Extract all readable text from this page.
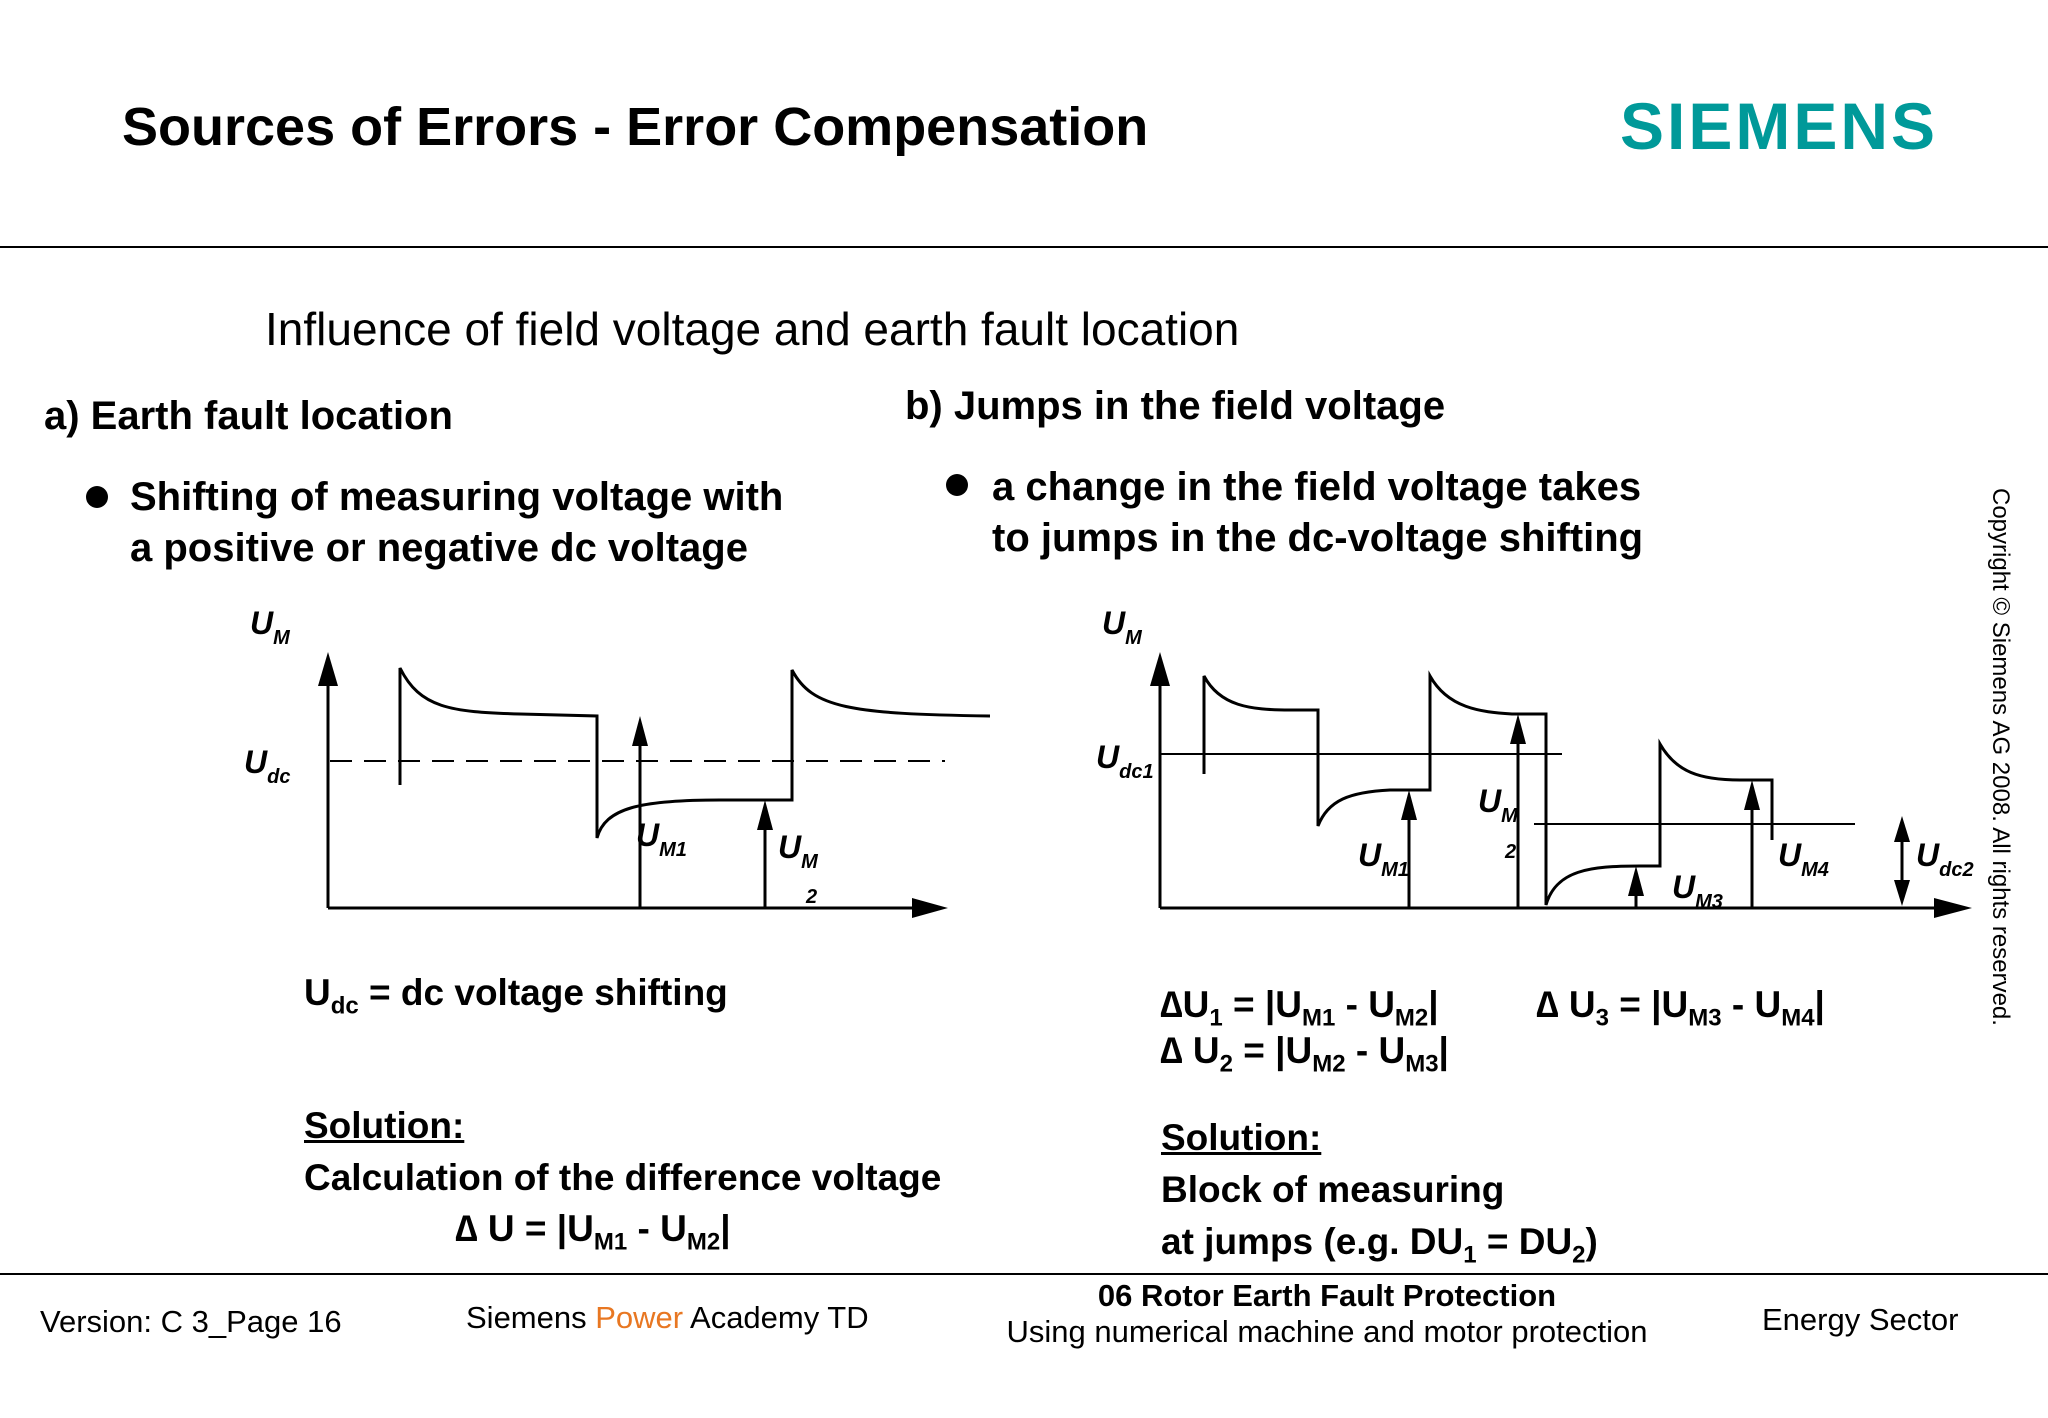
Sources of Errors - Error Compensation	SIEMENS
Influence of field voltage and earth fault location
a) Earth fault location
Shifting of measuring voltage with
a positive or negative dc voltage
$U_M$
$U_{dc}$
$U_{M1}$	$U_M$
2
$U_{dc}$ = dc voltage shifting
Solution:
Calculation of the difference voltage
∆ $U = |U_{M1} - U_{M2}|$
b) Jumps in the field voltage
a change in the field voltage takes
to jumps in the dc-voltage shifting
$U_M$
$U_{dc1}$
$U_{M1}$
$U_M$
2
$U_{M3}$
$U_{M4}$	$U_{dc2}$
$\Delta U_1 = |U_{M1} - U_{M2}|$
∆ $U_2 = |U_{M2} - U_{M3}|$
∆ $U_3 = |U_{M3} - U_{M4}|$
Solution:
Block of measuring
at jumps (e.g. $DU_1 = DU_2$)
Copyright © Siemens AG 2008. All rights reserved.
Version: C 3_Page 16	Siemens Power Academy TD
06 Rotor Earth Fault Protection
Using numerical machine and motor protection	Energy Sector
